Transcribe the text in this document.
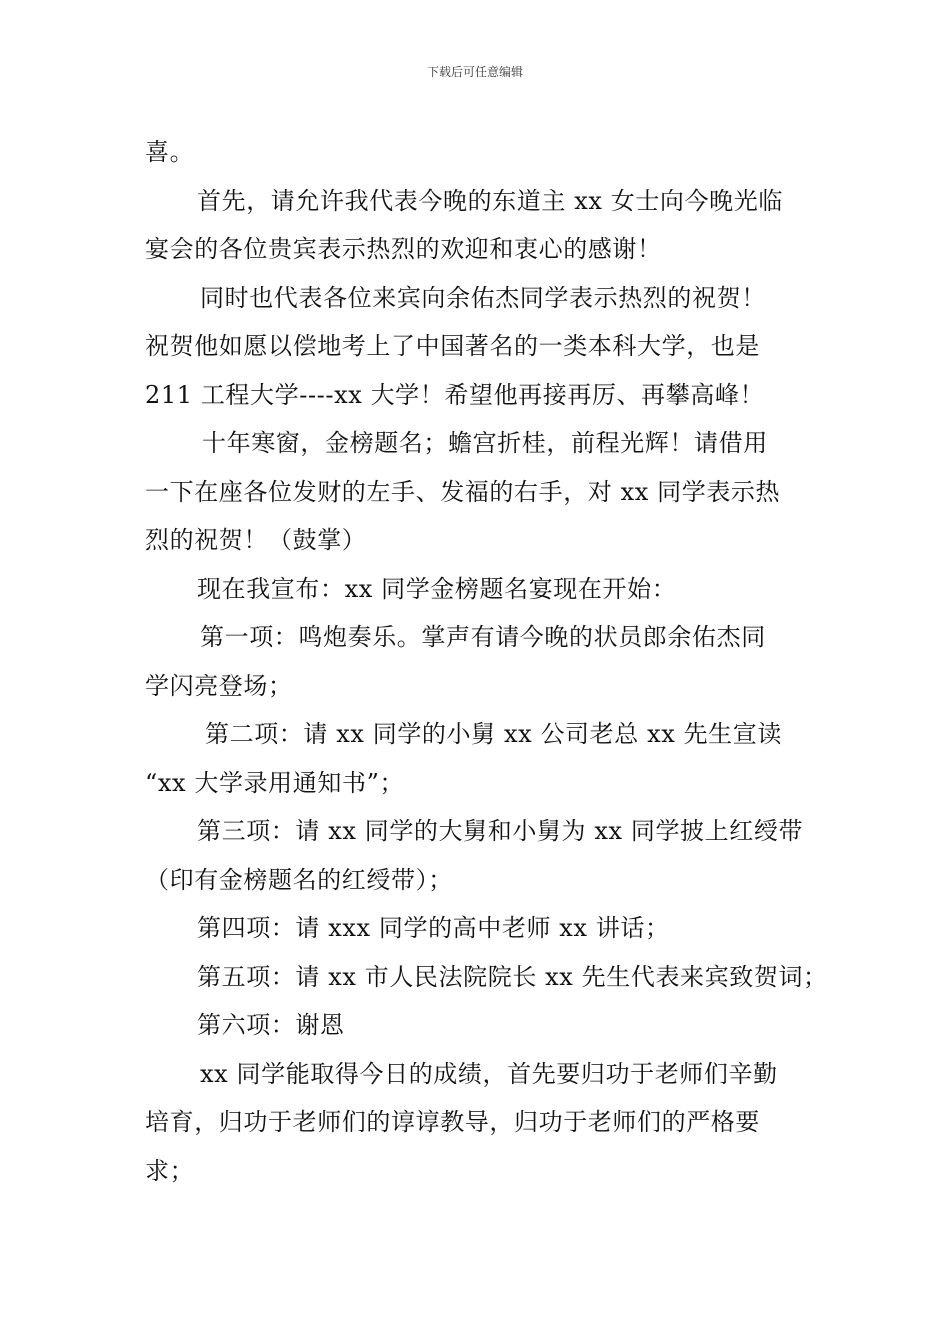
下载后可任意编辑

喜。

首先，请允许我代表今晚的东道主 xx 女士向今晚光临

宴会的各位贵宾表示热烈的欢迎和衷心的感谢！

同时也代表各位来宾向余佑杰同学表示热烈的祝贺！

祝贺他如愿以偿地考上了中国著名的一类本科大学，也是

211 工程大学----xx 大学！希望他再接再厉、再攀高峰！

十年寒窗，金榜题名；蟾宫折桂，前程光辉！请借用

一下在座各位发财的左手、发福的右手，对 xx 同学表示热

烈的祝贺！（鼓掌）

现在我宣布：xx 同学金榜题名宴现在开始：

第一项：鸣炮奏乐。掌声有请今晚的状员郎余佑杰同

学闪亮登场；

第二项：请 xx 同学的小舅 xx 公司老总 xx 先生宣读

“xx 大学录用通知书”；

第三项：请 xx 同学的大舅和小舅为 xx 同学披上红绶带

（印有金榜题名的红绶带）；

第四项：请 xxx 同学的高中老师 xx 讲话；

第五项：请 xx 市人民法院院长 xx 先生代表来宾致贺词；

第六项：谢恩

xx 同学能取得今日的成绩，首先要归功于老师们辛勤

培育，归功于老师们的谆谆教导，归功于老师们的严格要

求；
